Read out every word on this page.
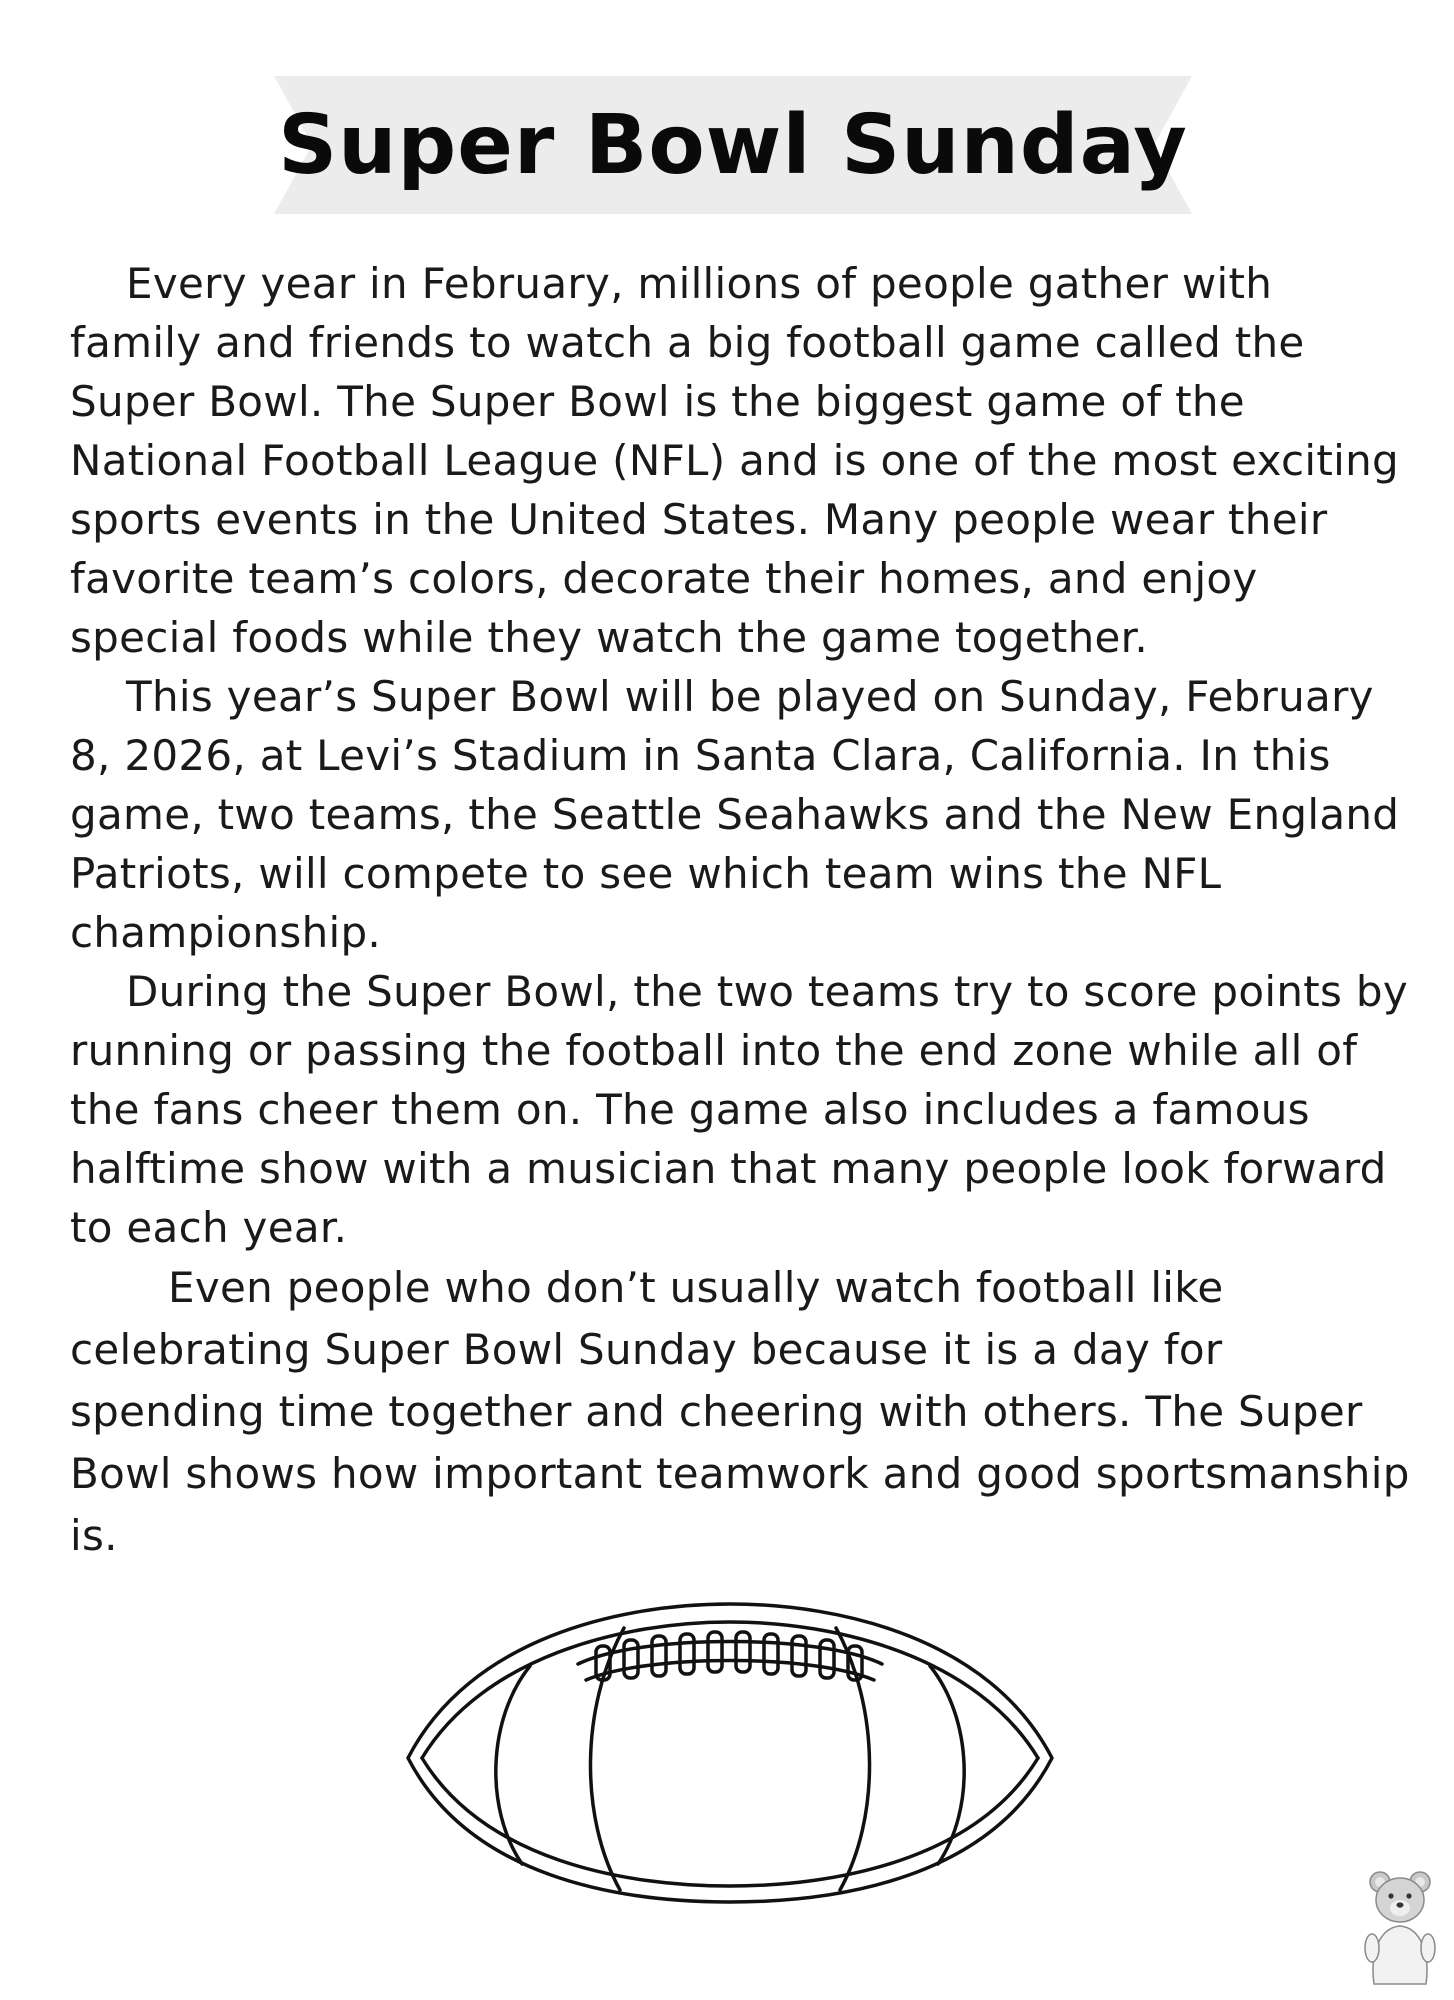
Super Bowl Sunday

Every year in February, millions of people gather with family and friends to watch a big football game called the Super Bowl. The Super Bowl is the biggest game of the National Football League (NFL) and is one of the most exciting sports events in the United States. Many people wear their favorite team’s colors, decorate their homes, and enjoy special foods while they watch the game together.

This year’s Super Bowl will be played on Sunday, February 8, 2026, at Levi’s Stadium in Santa Clara, California. In this game, two teams, the Seattle Seahawks and the New England Patriots, will compete to see which team wins the NFL championship.

During the Super Bowl, the two teams try to score points by running or passing the football into the end zone while all of the fans cheer them on. The game also includes a famous halftime show with a musician that many people look forward to each year.

Even people who don’t usually watch football like celebrating Super Bowl Sunday because it is a day for spending time together and cheering with others. The Super Bowl shows how important teamwork and good sportsmanship is.
